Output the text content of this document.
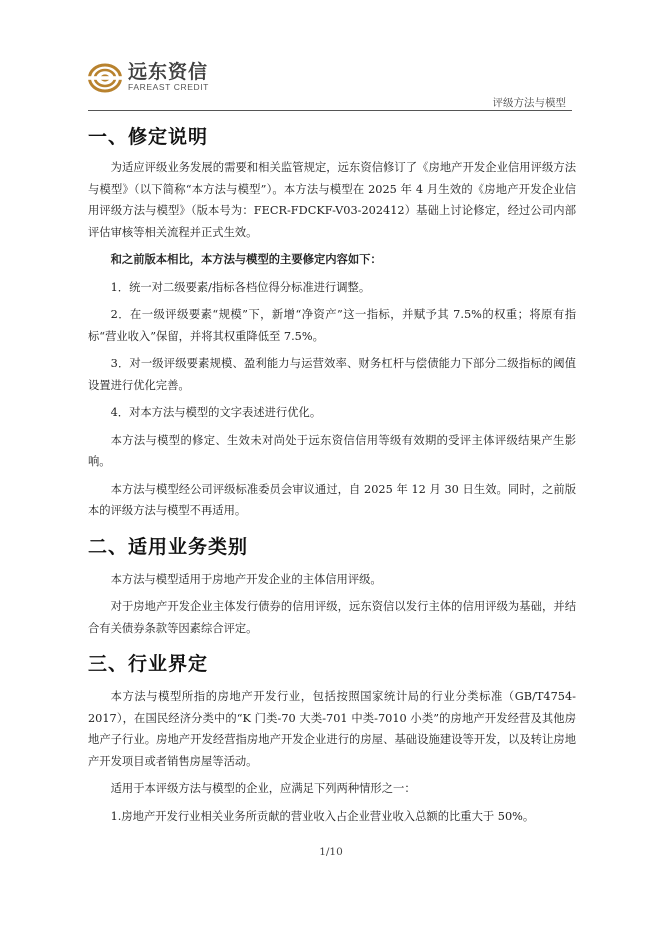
远东资信
FAREAST CREDIT
评级方法与模型
一、修定说明

为适应评级业务发展的需要和相关监管规定，远东资信修订了《房地产开发企业信用评级方法与模型》（以下简称“本方法与模型”）。本方法与模型在 2025 年 4 月生效的《房地产开发企业信用评级方法与模型》（版本号为：FECR-FDCKF-V03-202412）基础上讨论修定，经过公司内部评估审核等相关流程并正式生效。

和之前版本相比，本方法与模型的主要修定内容如下：

1．统一对二级要素/指标各档位得分标准进行调整。

2．在一级评级要素“规模”下，新增“净资产”这一指标，并赋予其 7.5%的权重；将原有指标“营业收入”保留，并将其权重降低至 7.5%。

3．对一级评级要素规模、盈利能力与运营效率、财务杠杆与偿债能力下部分二级指标的阈值设置进行优化完善。

4．对本方法与模型的文字表述进行优化。

本方法与模型的修定、生效未对尚处于远东资信信用等级有效期的受评主体评级结果产生影响。

本方法与模型经公司评级标准委员会审议通过，自 2025 年 12 月 30 日生效。同时，之前版本的评级方法与模型不再适用。

二、适用业务类别

本方法与模型适用于房地产开发企业的主体信用评级。

对于房地产开发企业主体发行债券的信用评级，远东资信以发行主体的信用评级为基础，并结合有关债券条款等因素综合评定。

三、行业界定

本方法与模型所指的房地产开发行业，包括按照国家统计局的行业分类标准（GB/T4754-2017），在国民经济分类中的“K 门类-70 大类-701 中类-7010 小类”的房地产开发经营及其他房地产子行业。房地产开发经营指房地产开发企业进行的房屋、基础设施建设等开发，以及转让房地产开发项目或者销售房屋等活动。

适用于本评级方法与模型的企业，应满足下列两种情形之一：

1.房地产开发行业相关业务所贡献的营业收入占企业营业收入总额的比重大于 50%。

1/10
